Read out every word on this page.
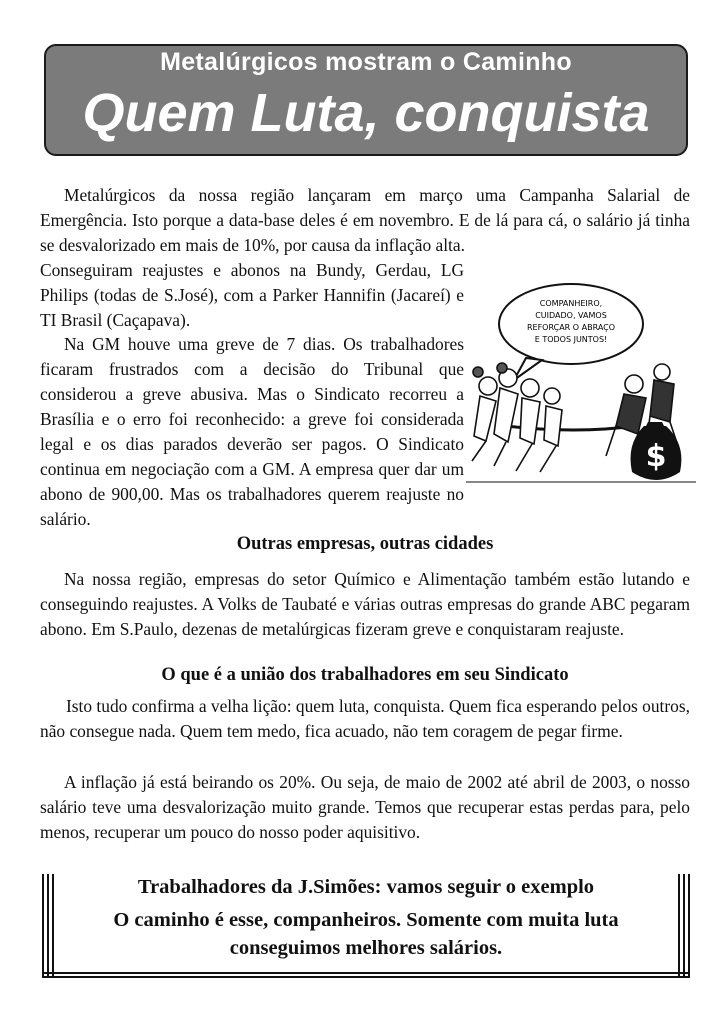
Metalúrgicos mostram o Caminho
Quem Luta, conquista

Metalúrgicos da nossa região lançaram em março uma Campanha Salarial de Emergência. Isto porque a data-base deles é em novembro. E de lá para cá, o salário já tinha se desvalorizado em mais de 10%, por causa da inflação alta.

Conseguiram reajustes e abonos na Bundy, Gerdau, LG Philips (todas de S.José), com a Parker Hannifin (Jacareí) e TI Brasil (Caçapava).

Na GM houve uma greve de 7 dias. Os trabalhadores ficaram frustrados com a decisão do Tribunal que considerou a greve abusiva. Mas o Sindicato recorreu a Brasília e o erro foi reconhecido: a greve foi considerada legal e os dias parados deverão ser pagos. O Sindicato continua em negociação com a GM. A empresa quer dar um abono de 900,00. Mas os trabalhadores querem reajuste no salário.

COMPANHEIRO,
CUIDADO, VAMOS
REFORÇAR O ABRAÇO
E TODOS JUNTOS!
$
Outras empresas, outras cidades

Na nossa região, empresas do setor Químico e Alimentação também estão lutando e conseguindo reajustes. A Volks de Taubaté e várias outras empresas do grande ABC pegaram abono. Em S.Paulo, dezenas de metalúrgicas fizeram greve e conquistaram reajuste.

O que é a união dos trabalhadores em seu Sindicato

Isto tudo confirma a velha lição: quem luta, conquista. Quem fica esperando pelos outros, não consegue nada. Quem tem medo, fica acuado, não tem coragem de pegar firme.

A inflação já está beirando os 20%. Ou seja, de maio de 2002 até abril de 2003, o nosso salário teve uma desvalorização muito grande. Temos que recuperar estas perdas para, pelo menos, recuperar um pouco do nosso poder aquisitivo.

Trabalhadores da J.Simões: vamos seguir o exemplo
O caminho é esse, companheiros. Somente com muita luta conseguimos melhores salários.
